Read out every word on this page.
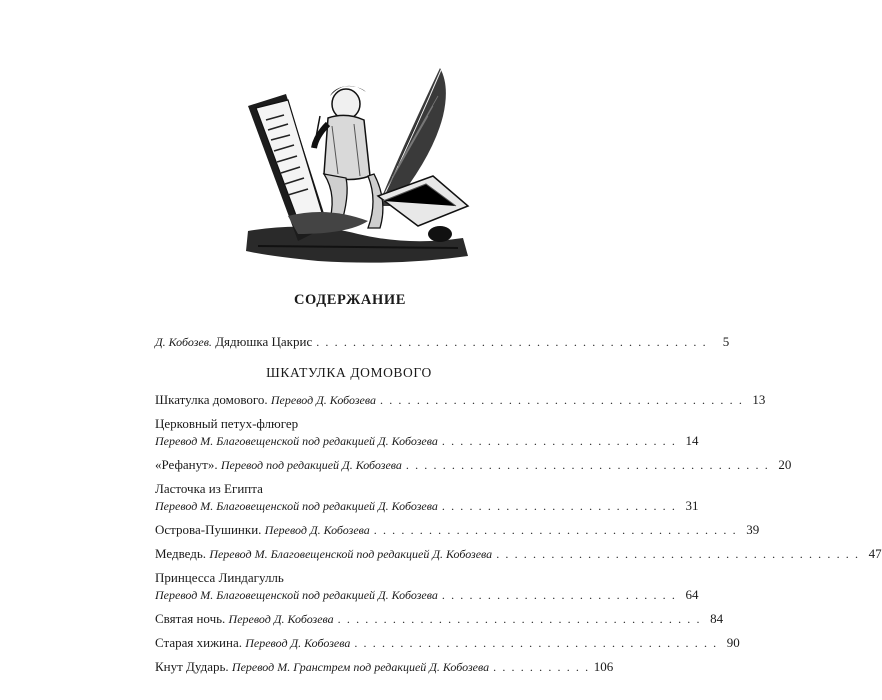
СОДЕРЖАНИЕ
Д. Кобозев. Дядюшка Цакрис . . . . . . . . . . . . . . . . . . . . . . . . . . . . . . . . . . . . . . . . . . .	5
ШКАТУЛКА ДОМОВОГО
Шкатулка домового. Перевод Д. Кобозева . . . . . . . . . . . . . . . . . . . . . . . . . . . . . . . . . . . . . . . . 13
Церковный петух-флюгер
Перевод М. Благовещенской под редакцией Д. Кобозева . . . . . . . . . . . . . . . . . . . . . . . . . . 14
«Рефанут». Перевод под редакцией Д. Кобозева . . . . . . . . . . . . . . . . . . . . . . . . . . . . . . . . . . . . . . . . 20
Ласточка из Египта
Перевод М. Благовещенской под редакцией Д. Кобозева . . . . . . . . . . . . . . . . . . . . . . . . . . 31
Острова-Пушинки. Перевод Д. Кобозева . . . . . . . . . . . . . . . . . . . . . . . . . . . . . . . . . . . . . . . . 39
Медведь. Перевод М. Благовещенской под редакцией Д. Кобозева . . . . . . . . . . . . . . . . . . . . . . . . . . . . . . . . . . . . . . . . 47
Принцесса Линдагулль
Перевод М. Благовещенской под редакцией Д. Кобозева . . . . . . . . . . . . . . . . . . . . . . . . . . 64
Святая ночь. Перевод Д. Кобозева . . . . . . . . . . . . . . . . . . . . . . . . . . . . . . . . . . . . . . . . 84
Старая хижина. Перевод Д. Кобозева . . . . . . . . . . . . . . . . . . . . . . . . . . . . . . . . . . . . . . . . 90
Кнут Дударь. Перевод М. Гранстрем под редакцией Д. Кобозева . . . . . . . . . . . 106
